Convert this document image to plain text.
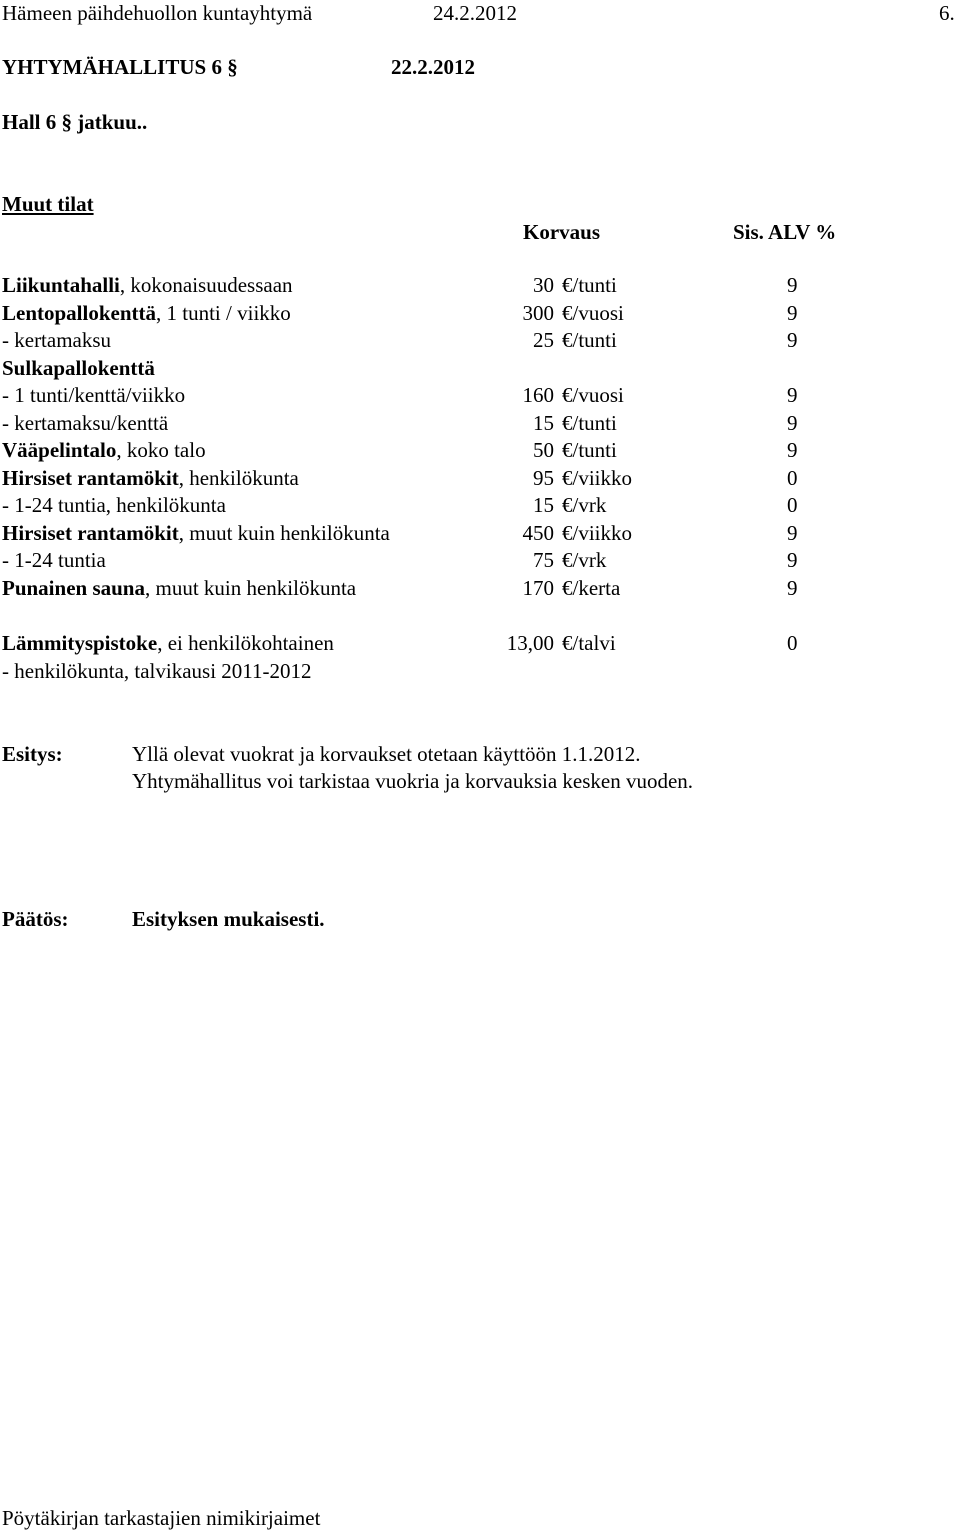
Hämeen päihdehuollon kuntayhtymä	24.2.2012	6.
YHTYMÄHALLITUS 6 §	22.2.2012
Hall 6 § jatkuu..
Muut tilat
Korvaus	Sis. ALV %
Liikuntahalli, kokonaisuudessaan	30 €/tunti	9
Lentopallokenttä, 1 tunti / viikko	300 €/vuosi	9
- kertamaksu	25 €/tunti	9
Sulkapallokenttä
- 1 tunti/kenttä/viikko	160 €/vuosi	9
- kertamaksu/kenttä	15 €/tunti	9
Vääpelintalo, koko talo	50 €/tunti	9
Hirsiset rantamökit, henkilökunta	95 €/viikko	0
- 1-24 tuntia, henkilökunta	15 €/vrk	0
Hirsiset rantamökit, muut kuin henkilökunta	450 €/viikko	9
- 1-24 tuntia	75 €/vrk	9
Punainen sauna, muut kuin henkilökunta	170 €/kerta	9
Lämmityspistoke, ei henkilökohtainen	13,00 €/talvi	0
- henkilökunta, talvikausi 2011-2012
Esitys:	Yllä olevat vuokrat ja korvaukset otetaan käyttöön 1.1.2012.
Yhtymähallitus voi tarkistaa vuokria ja korvauksia kesken vuoden.
Päätös:	Esityksen mukaisesti.
Pöytäkirjan tarkastajien nimikirjaimet
